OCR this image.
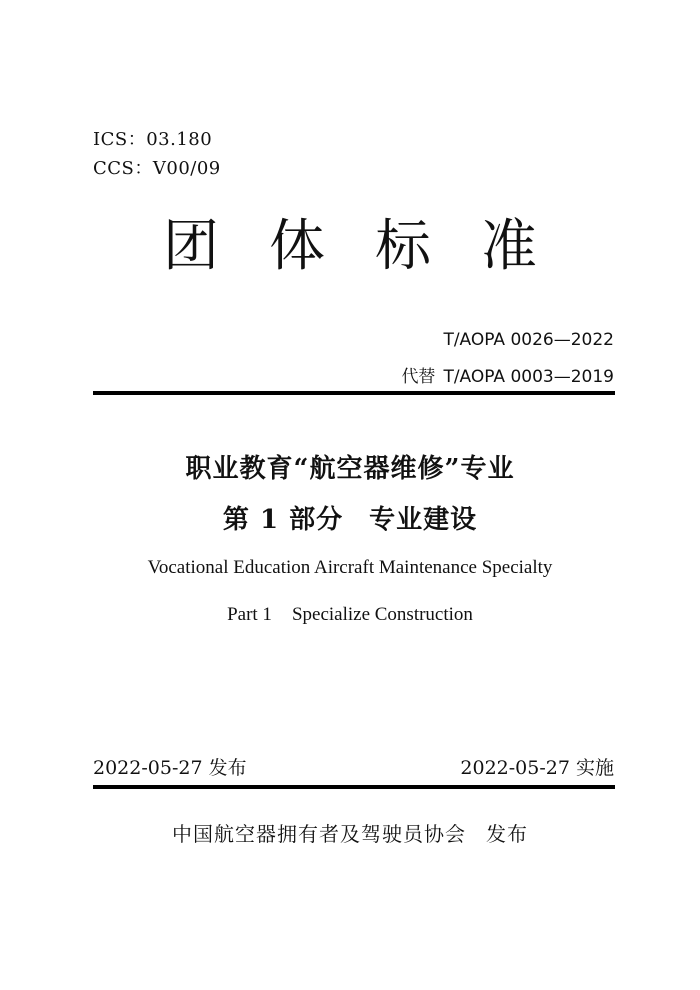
ICS：03.180
CCS：V00/09
团 体 标 准
T/AOPA 0026—2022
代替 T/AOPA 0003—2019
职业教育“航空器维修”专业
第 1 部分 专业建设
Vocational Education Aircraft Maintenance Specialty
Part 1 Specialize Construction
2022-05-27 发布	2022-05-27 实施
中国航空器拥有者及驾驶员协会 发布
